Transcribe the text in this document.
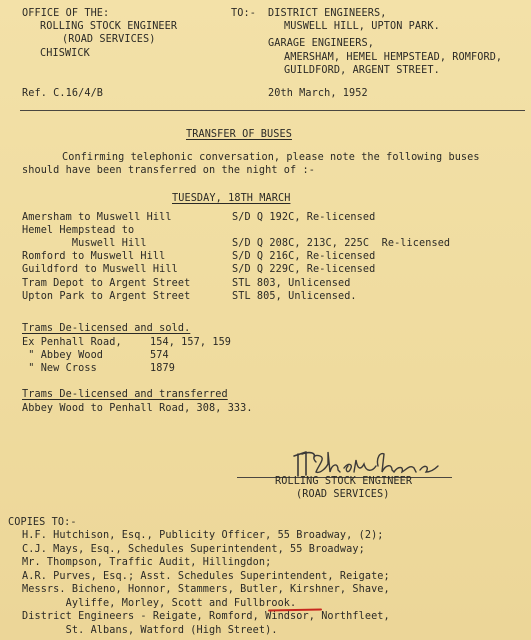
OFFICE OF THE:
ROLLING STOCK ENGINEER
(ROAD SERVICES)
CHISWICK
Ref. C.16/4/B
TO:- DISTRICT ENGINEERS,
MUSWELL HILL, UPTON PARK.
GARAGE ENGINEERS,
AMERSHAM, HEMEL HEMPSTEAD, ROMFORD,
GUILDFORD, ARGENT STREET.
20th March, 1952
TRANSFER OF BUSES
Confirming telephonic conversation, please note the following buses
should have been transferred on the night of :-
TUESDAY, 18TH MARCH
Amersham to Muswell Hill	S/D Q 192C, Re-licensed
Hemel Hempstead to
Muswell Hill	S/D Q 208C, 213C, 225C  Re-licensed
Romford to Muswell Hill	S/D Q 216C, Re-licensed
Guildford to Muswell Hill	S/D Q 229C, Re-licensed
Tram Depot to Argent Street	STL 803, Unlicensed
Upton Park to Argent Street	STL 805, Unlicensed.
Trams De-licensed and sold.
Ex Penhall Road,	154, 157, 159
" Abbey Wood	574
" New Cross	1879
Trams De-licensed and transferred
Abbey Wood to Penhall Road, 308, 333.
ROLLING STOCK ENGINEER
(ROAD SERVICES)
COPIES TO:-
H.F. Hutchison, Esq., Publicity Officer, 55 Broadway, (2);
C.J. Mays, Esq., Schedules Superintendent, 55 Broadway;
Mr. Thompson, Traffic Audit, Hillingdon;
A.R. Purves, Esq.; Asst. Schedules Superintendent, Reigate;
Messrs. Bicheno, Honnor, Stammers, Butler, Kirshner, Shave,
Ayliffe, Morley, Scott and Fullbrook.
District Engineers - Reigate, Romford, Windsor, Northfleet,
St. Albans, Watford (High Street).
